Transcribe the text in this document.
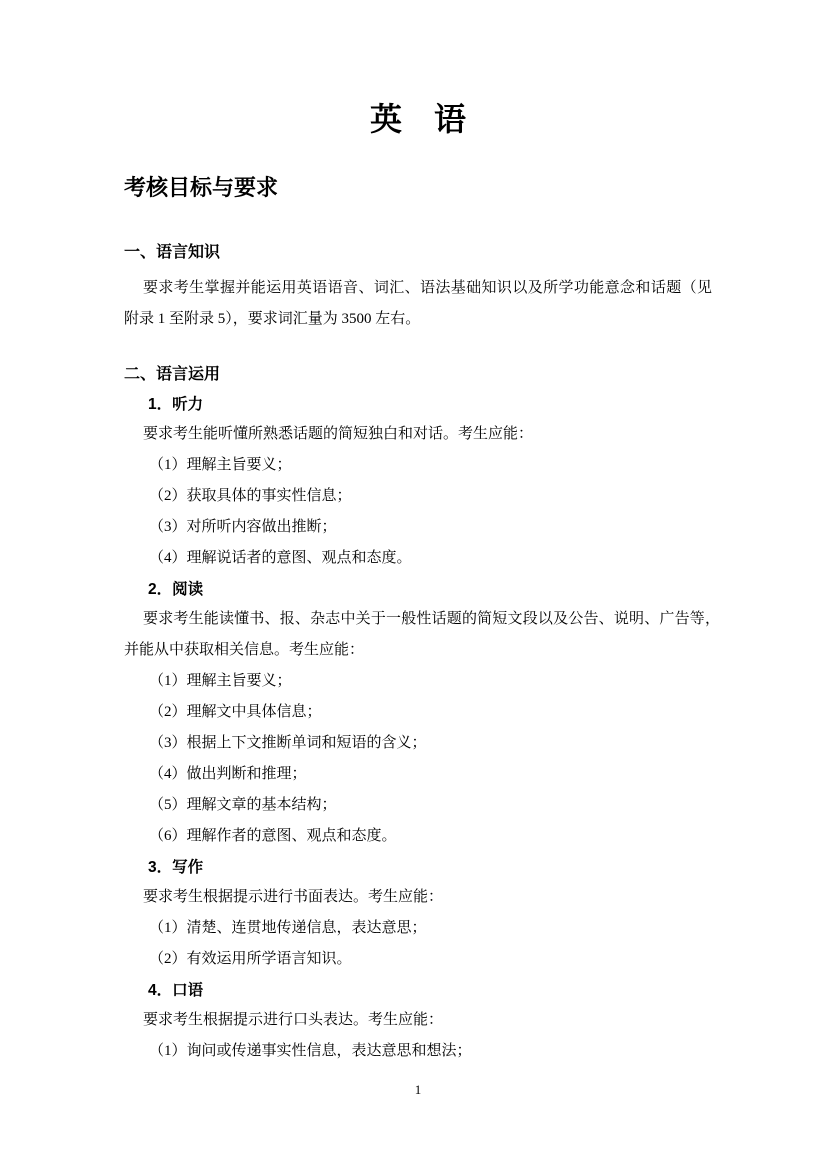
英　语
考核目标与要求
一、语言知识

要求考生掌握并能运用英语语音、词汇、语法基础知识以及所学功能意念和话题（见附录 1 至附录 5），要求词汇量为 3500 左右。

二、语言运用
1．听力

要求考生能听懂所熟悉话题的简短独白和对话。考生应能：

（1）理解主旨要义；

（2）获取具体的事实性信息；

（3）对所听内容做出推断；

（4）理解说话者的意图、观点和态度。

2．阅读

要求考生能读懂书、报、杂志中关于一般性话题的简短文段以及公告、说明、广告等，并能从中获取相关信息。考生应能：

（1）理解主旨要义；

（2）理解文中具体信息；

（3）根据上下文推断单词和短语的含义；

（4）做出判断和推理；

（5）理解文章的基本结构；

（6）理解作者的意图、观点和态度。

3．写作

要求考生根据提示进行书面表达。考生应能：

（1）清楚、连贯地传递信息，表达意思；

（2）有效运用所学语言知识。

4．口语

要求考生根据提示进行口头表达。考生应能：

（1）询问或传递事实性信息，表达意思和想法；

1
